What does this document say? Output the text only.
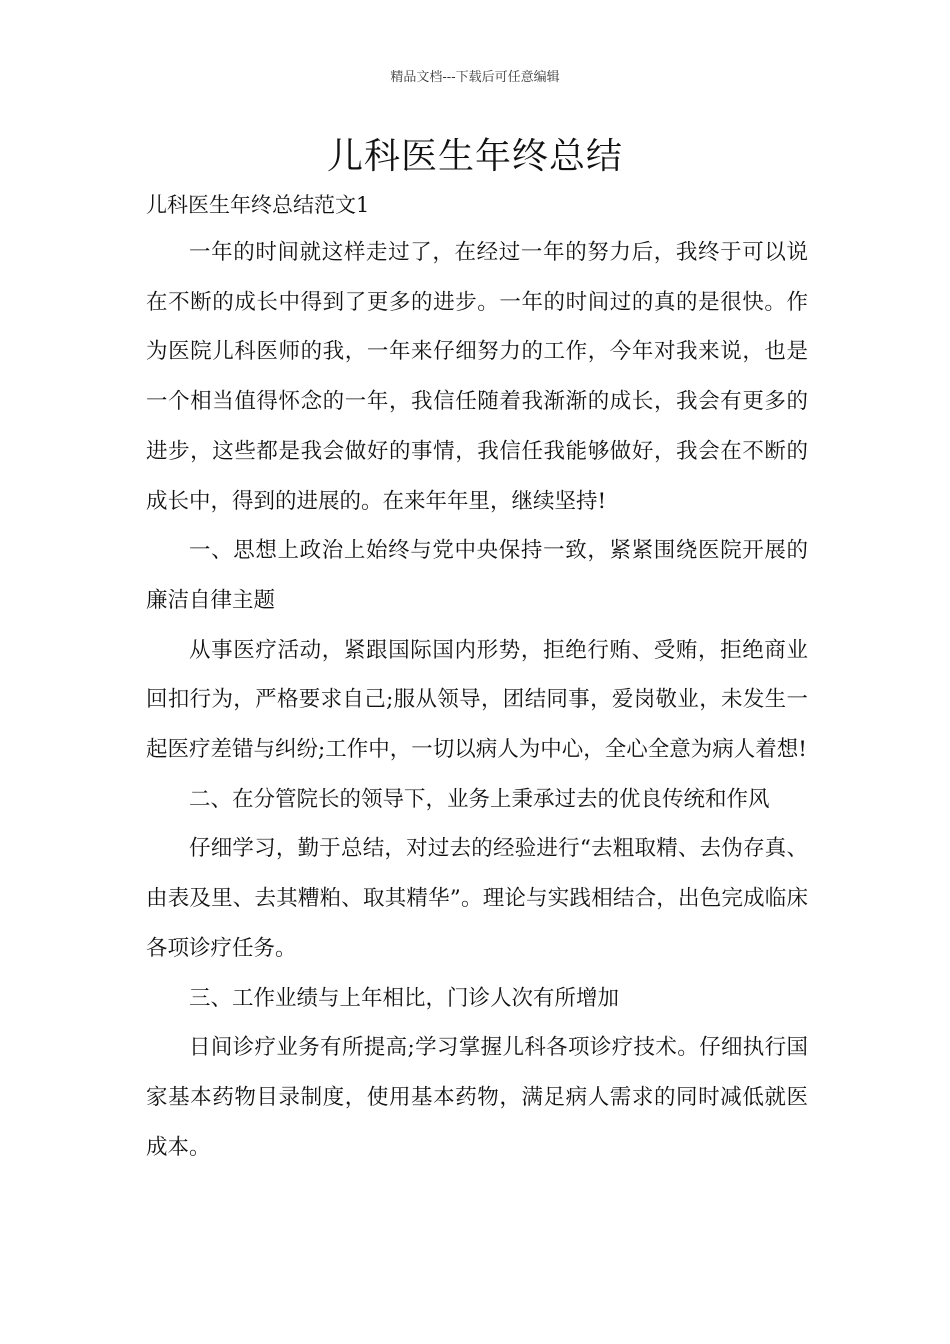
精品文档---下载后可任意编辑
儿科医生年终总结

儿科医生年终总结范文1

一年的时间就这样走过了，在经过一年的努力后，我终于可以说在不断的成长中得到了更多的进步。一年的时间过的真的是很快。作为医院儿科医师的我，一年来仔细努力的工作，今年对我来说，也是一个相当值得怀念的一年，我信任随着我渐渐的成长，我会有更多的进步，这些都是我会做好的事情，我信任我能够做好，我会在不断的成长中，得到的进展的。在来年年里，继续坚持!

一、思想上政治上始终与党中央保持一致，紧紧围绕医院开展的廉洁自律主题

从事医疗活动，紧跟国际国内形势，拒绝行贿、受贿，拒绝商业回扣行为，严格要求自己;服从领导，团结同事，爱岗敬业，未发生一起医疗差错与纠纷;工作中，一切以病人为中心，全心全意为病人着想!

二、在分管院长的领导下，业务上秉承过去的优良传统和作风

仔细学习，勤于总结，对过去的经验进行“去粗取精、去伪存真、由表及里、去其糟粕、取其精华”。理论与实践相结合，出色完成临床各项诊疗任务。

三、工作业绩与上年相比，门诊人次有所增加

日间诊疗业务有所提高;学习掌握儿科各项诊疗技术。仔细执行国家基本药物目录制度，使用基本药物，满足病人需求的同时减低就医成本。
